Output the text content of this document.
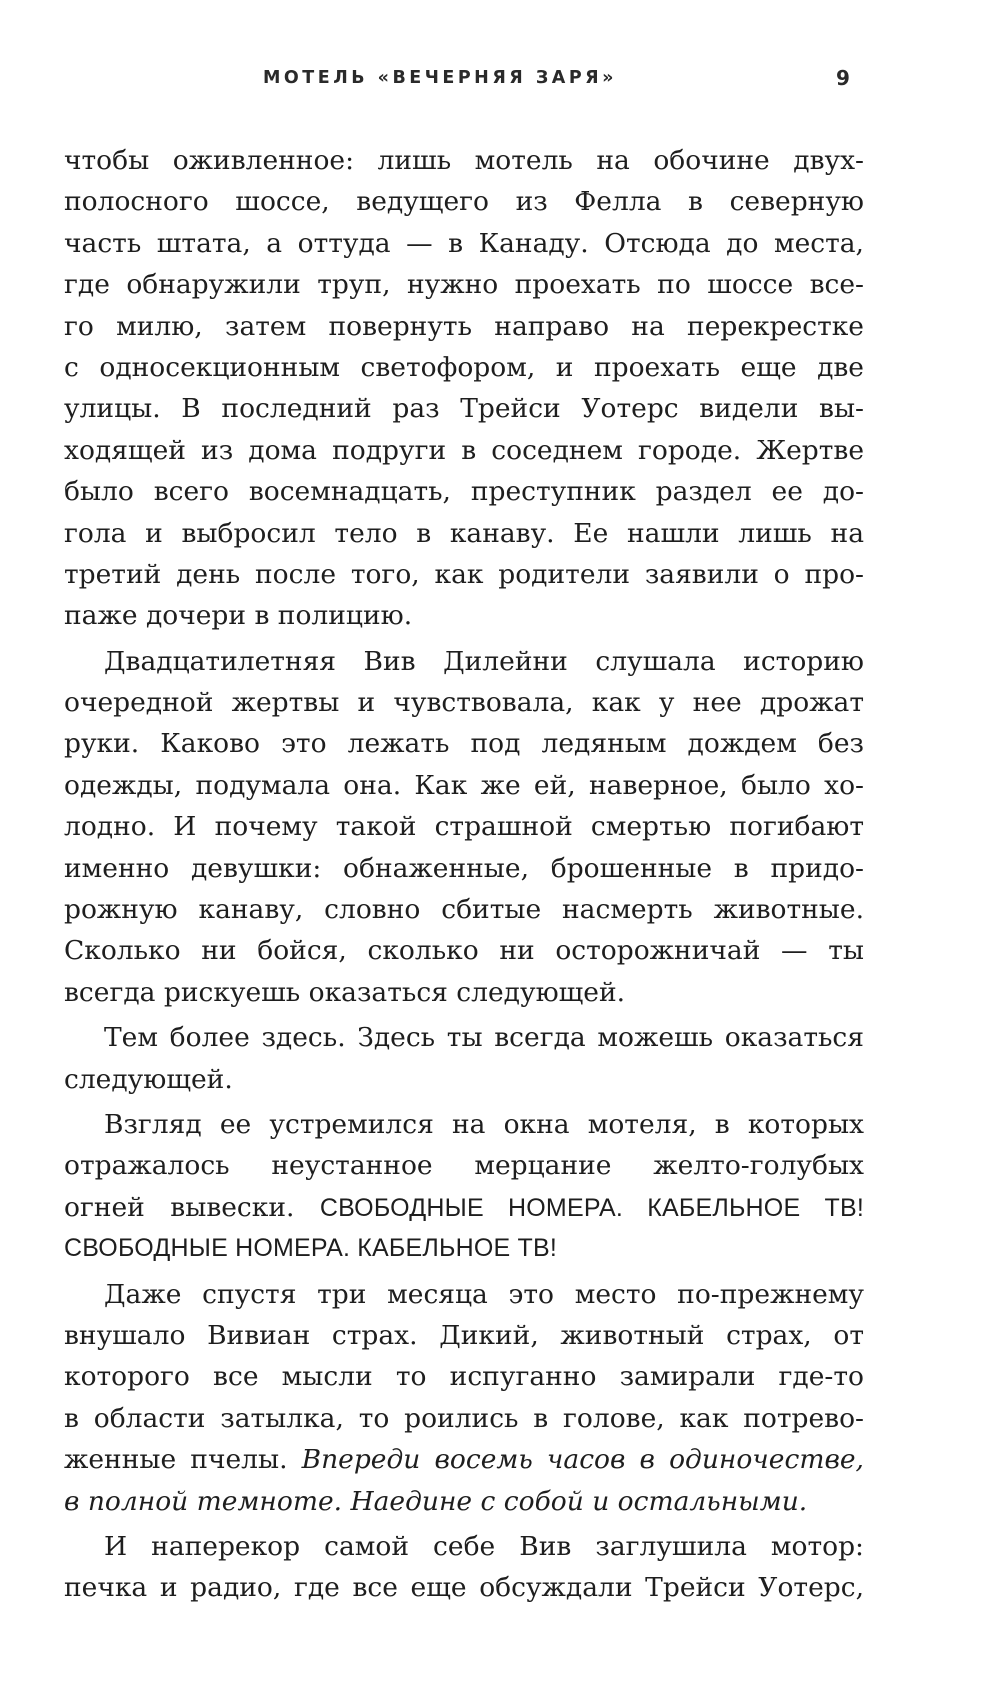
МОТЕЛЬ «ВЕЧЕРНЯЯ ЗАРЯ»	9
чтобы оживленное: лишь мотель на обочине двух-
полосного шоссе, ведущего из Фелла в северную
часть штата, а оттуда — в Канаду. Отсюда до места,
где обнаружили труп, нужно проехать по шоссе все-
го милю, затем повернуть направо на перекрестке
с односекционным светофором, и проехать еще две
улицы. В последний раз Трейси Уотерс видели вы-
ходящей из дома подруги в соседнем городе. Жертве
было всего восемнадцать, преступник раздел ее до-
гола и выбросил тело в канаву. Ее нашли лишь на
третий день после того, как родители заявили о про-
паже дочери в полицию.
Двадцатилетняя Вив Дилейни слушала историю
очередной жертвы и чувствовала, как у нее дрожат
руки. Каково это лежать под ледяным дождем без
одежды, подумала она. Как же ей, наверное, было хо-
лодно. И почему такой страшной смертью погибают
именно девушки: обнаженные, брошенные в придо-
рожную канаву, словно сбитые насмерть животные.
Сколько ни бойся, сколько ни осторожничай — ты
всегда рискуешь оказаться следующей.
Тем более здесь. Здесь ты всегда можешь оказаться
следующей.
Взгляд ее устремился на окна мотеля, в которых
отражалось неустанное мерцание желто-голубых
огней вывески. СВОБОДНЫЕ НОМЕРА. КАБЕЛЬНОЕ ТВ!
СВОБОДНЫЕ НОМЕРА. КАБЕЛЬНОЕ ТВ!
Даже спустя три месяца это место по-прежнему
внушало Вивиан страх. Дикий, животный страх, от
которого все мысли то испуганно замирали где-то
в области затылка, то роились в голове, как потрево-
женные пчелы. Впереди восемь часов в одиночестве,
в полной темноте. Наедине с собой и остальными.
И наперекор самой себе Вив заглушила мотор:
печка и радио, где все еще обсуждали Трейси Уотерс,
